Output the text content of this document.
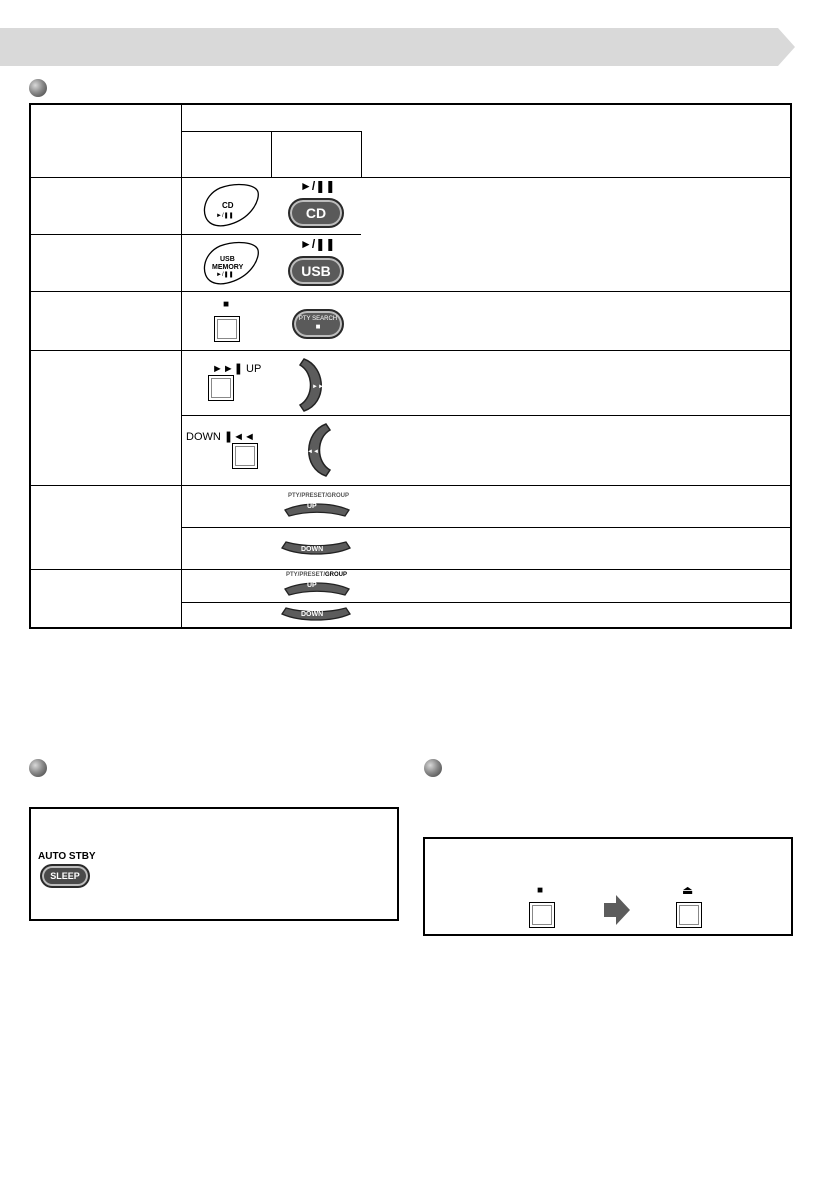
CD
►/❚❚
►/❚❚
CD
USB
MEMORY
►/❚❚
►/❚❚
USB
■
PTY SEARCH
■
►►❚ UP
►►
DOWN ❚◄◄
◄◄
PTY/PRESET/GROUP
UP
DOWN
PTY/PRESET/ GROUP
UP
DOWN
AUTO STBY
SLEEP
■	⏏
